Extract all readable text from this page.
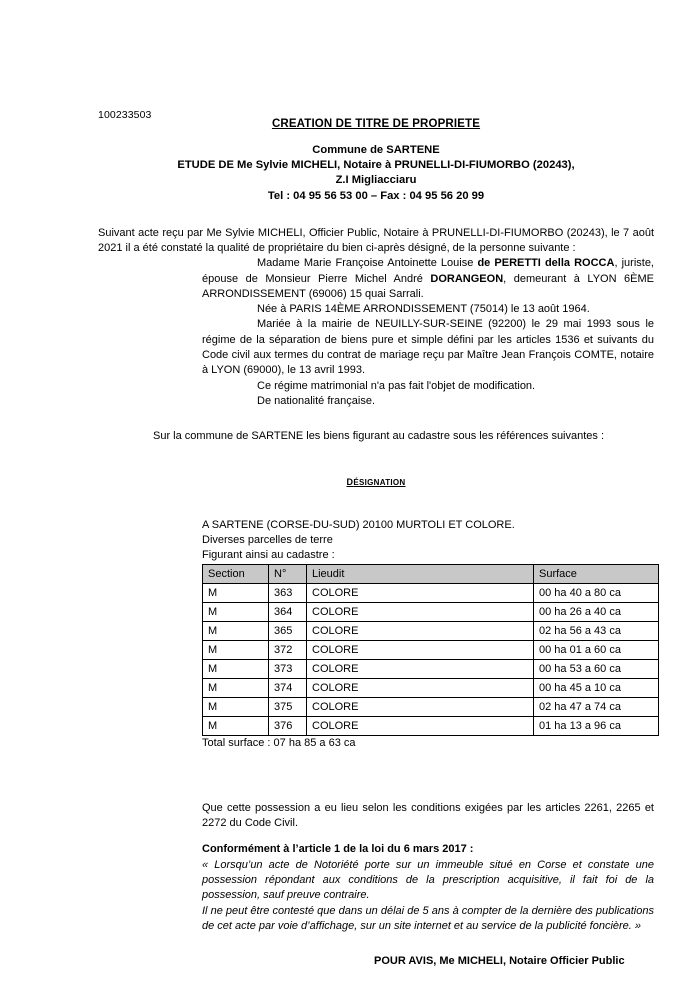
100233503
CREATION DE TITRE DE PROPRIETE
Commune de SARTENE
ETUDE DE Me Sylvie MICHELI, Notaire à PRUNELLI-DI-FIUMORBO (20243),
Z.I Migliacciaru
Tel : 04 95 56 53 00 – Fax : 04 95 56 20 99

Suivant acte reçu par Me Sylvie MICHELI, Officier Public, Notaire à PRUNELLI-DI-FIUMORBO (20243), le 7 août 2021 il a été constaté la qualité de propriétaire du bien ci-après désigné, de la personne suivante :

Madame Marie Françoise Antoinette Louise de PERETTI della ROCCA, juriste, épouse de Monsieur Pierre Michel André DORANGEON, demeurant à LYON 6ÈME ARRONDISSEMENT (69006) 15 quai Sarrali.

Née à PARIS 14ÈME ARRONDISSEMENT (75014) le 13 août 1964.

Mariée à la mairie de NEUILLY-SUR-SEINE (92200) le 29 mai 1993 sous le régime de la séparation de biens pure et simple défini par les articles 1536 et suivants du Code civil aux termes du contrat de mariage reçu par Maître Jean François COMTE, notaire à LYON (69000), le 13 avril 1993.

Ce régime matrimonial n'a pas fait l'objet de modification.

De nationalité française.

Sur la commune de SARTENE les biens figurant au cadastre sous les références suivantes :

désignation

A SARTENE (CORSE-DU-SUD) 20100 MURTOLI ET COLORE.

Diverses parcelles de terre

Figurant ainsi au cadastre :

Section	N°	Lieudit	Surface
M	363	COLORE	00 ha 40 a 80 ca
M	364	COLORE	00 ha 26 a 40 ca
M	365	COLORE	02 ha 56 a 43 ca
M	372	COLORE	00 ha 01 a 60 ca
M	373	COLORE	00 ha 53 a 60 ca
M	374	COLORE	00 ha 45 a 10 ca
M	375	COLORE	02 ha 47 a 74 ca
M	376	COLORE	01 ha 13 a 96 ca

Total surface : 07 ha 85 a 63 ca

Que cette possession a eu lieu selon les conditions exigées par les articles 2261, 2265 et 2272 du Code Civil.

Conformément à l’article 1 de la loi du 6 mars 2017 :

« Lorsqu’un acte de Notoriété porte sur un immeuble situé en Corse et constate une possession répondant aux conditions de la prescription acquisitive, il fait foi de la possession, sauf preuve contraire.

Il ne peut être contesté que dans un délai de 5 ans à compter de la dernière des publications de cet acte par voie d’affichage, sur un site internet et au service de la publicité foncière. »

POUR AVIS, Me MICHELI, Notaire Officier Public
